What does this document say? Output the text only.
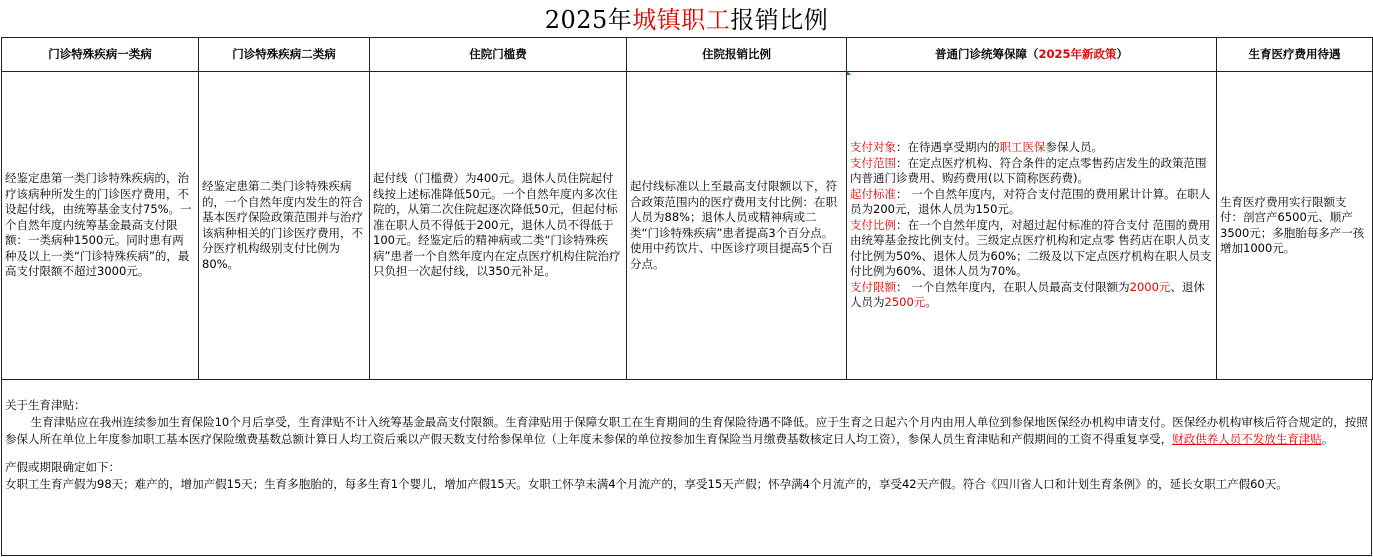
2025年城镇职工报销比例
门诊特殊疾病一类病	门诊特殊疾病二类病	住院门槛费	住院报销比例	普通门诊统筹保障（2025年新政策）	生育医疗费用待遇
经鉴定患第一类门诊特殊疾病的，治疗该病种所发生的门诊医疗费用，不设起付线，由统筹基金支付75%。一个自然年度内统筹基金最高支付限额：一类病种1500元。同时患有两种及以上一类“门诊特殊疾病”的，最高支付限额不超过3000元。	经鉴定患第二类门诊特殊疾病的，一个自然年度内发生的符合基本医疗保险政策范围并与治疗该病种相关的门诊医疗费用，不分医疗机构级别支付比例为80%。	起付线（门槛费）为400元。退休人员住院起付线按上述标准降低50元。一个自然年度内多次住院的，从第二次住院起逐次降低50元，但起付标准在职人员不得低于200元，退休人员不得低于100元。经鉴定后的精神病或二类“门诊特殊疾病”患者一个自然年度内在定点医疗机构住院治疗只负担一次起付线，以350元补足。	起付线标准以上至最高支付限额以下，符合政策范围内的医疗费用支付比例：在职人员为88%；退休人员或精神病或二类“门诊特殊疾病”患者提高3个百分点。使用中药饮片、中医诊疗项目提高5个百分点。	支付对象：在待遇享受期内的职工医保参保人员。
支付范围：在定点医疗机构、符合条件的定点零售药店发生的政策范围内普通门诊费用、购药费用(以下简称医药费)。
起付标准： 一个自然年度内，对符合支付范围的费用累计计算。在职人员为200元，退休人员为150元。
支付比例：在一个自然年度内，对超过起付标准的符合支付 范围的费用由统筹基金按比例支付。三级定点医疗机构和定点零 售药店在职人员支付比例为50%、退休人员为60%；二级及以下定点医疗机构在职人员支付比例为60%、退休人员为70%。
支付限额： 一个自然年度内，在职人员最高支付限额为2000元、退休人员为2500元。	生育医疗费用实行限额支付：剖宫产6500元、顺产3500元；多胞胎每多产一孩增加1000元。

关于生育津贴：

生育津贴应在我州连续参加生育保险10个月后享受，生育津贴不计入统筹基金最高支付限额。生育津贴用于保障女职工在生育期间的生育保险待遇不降低。应于生育之日起六个月内由用人单位到参保地医保经办机构申请支付。医保经办机构审核后符合规定的，按照参保人所在单位上年度参加职工基本医疗保险缴费基数总额计算日人均工资后乘以产假天数支付给参保单位（上年度未参保的单位按参加生育保险当月缴费基数核定日人均工资），参保人员生育津贴和产假期间的工资不得重复享受，财政供养人员不发放生育津贴。

产假或期限确定如下：

女职工生育产假为98天；难产的，增加产假15天；生育多胞胎的，每多生育1个婴儿，增加产假15天。女职工怀孕未满4个月流产的，享受15天产假；怀孕满4个月流产的，享受42天产假。符合《四川省人口和计划生育条例》的，延长女职工产假60天。
